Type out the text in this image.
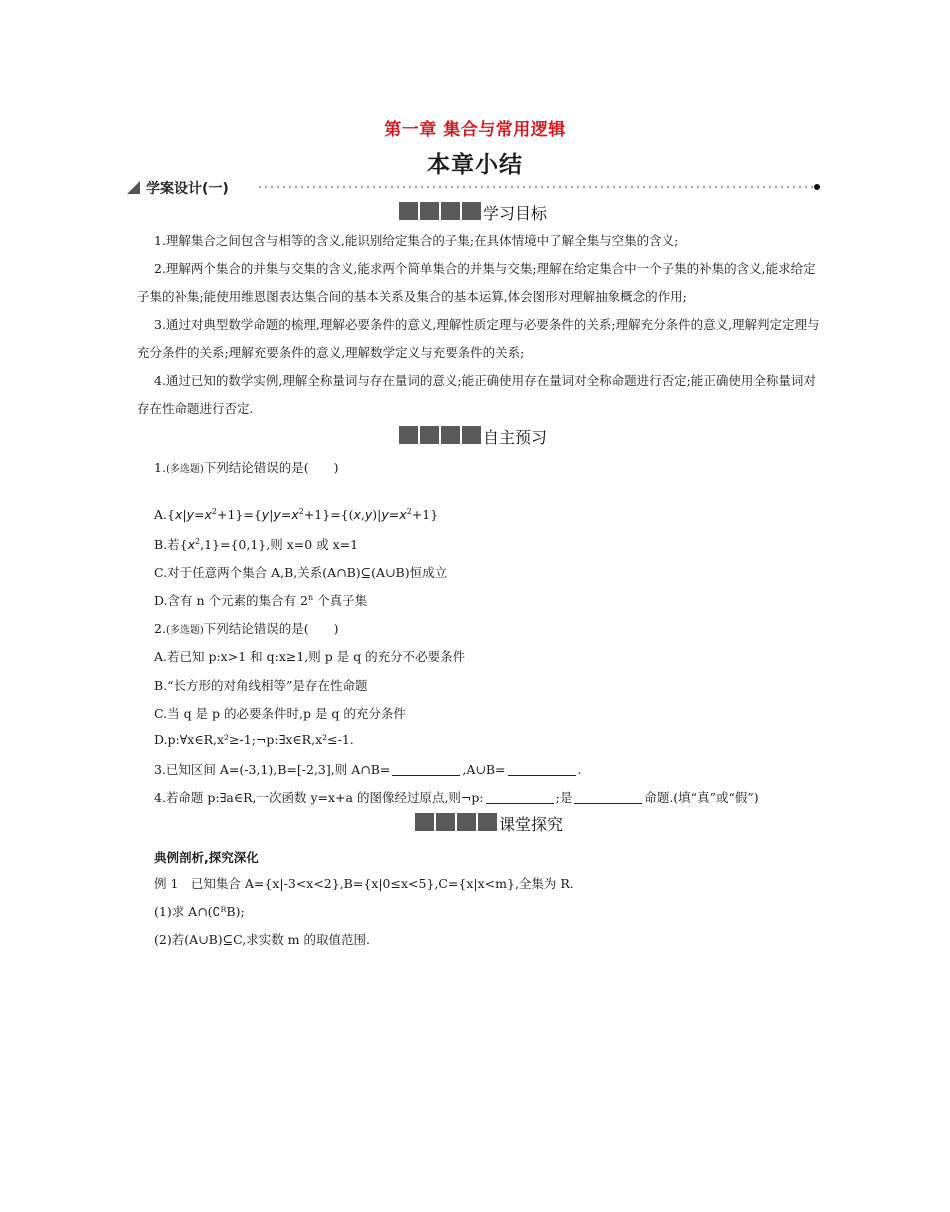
第一章 集合与常用逻辑
本章小结
学案设计(一)
学习目标
1.理解集合之间包含与相等的含义,能识别给定集合的子集;在具体情境中了解全集与空集的含义;
2.理解两个集合的并集与交集的含义,能求两个简单集合的并集与交集;理解在给定集合中一个子集的补集的含义,能求给定子集的补集;能使用维恩图表达集合间的基本关系及集合的基本运算,体会图形对理解抽象概念的作用;
3.通过对典型数学命题的梳理,理解必要条件的意义,理解性质定理与必要条件的关系;理解充分条件的意义,理解判定定理与充分条件的关系;理解充要条件的意义,理解数学定义与充要条件的关系;
4.通过已知的数学实例,理解全称量词与存在量词的意义;能正确使用存在量词对全称命题进行否定;能正确使用全称量词对存在性命题进行否定.
自主预习
1.(多选题)下列结论错误的是(　　)
$A.\{x|y=x^2+1\}=\{y|y=x^2+1\}=\{(x,y)|y=x^2+1\}$
B.若$\{x^2,1\}=\{0,1\}$,则 x=0 或 x=1
C.对于任意两个集合 A,B,关系(A∩B)⊆(A∪B)恒成立
D.含有 n 个元素的集合有 2$^n$ 个真子集
2.(多选题)下列结论错误的是(　　)
A.若已知 p:x>1 和 q:x≥1,则 p 是 q 的充分不必要条件
B.“长方形的对角线相等”是存在性命题
C.当 q 是 p 的必要条件时,p 是 q 的充分条件
D.p:∀x∈R,x²≥-1;¬p:∃x∈R,x²≤-1.
3.已知区间 A=(-3,1),B=[-2,3],则 A∩B=	,A∪B=	.
4.若命题 p:∃a∈R,一次函数 y=x+a 的图像经过原点,则¬p:	;是	命题.(填“真”或“假”)
课堂探究
典例剖析,探究深化
例 1　已知集合 A={x|-3<x<2},B={x|0≤x<5},C={x|x<m},全集为 R.
(1)求 A∩(∁ᴿB);
(2)若(A∪B)⊆C,求实数 m 的取值范围.
